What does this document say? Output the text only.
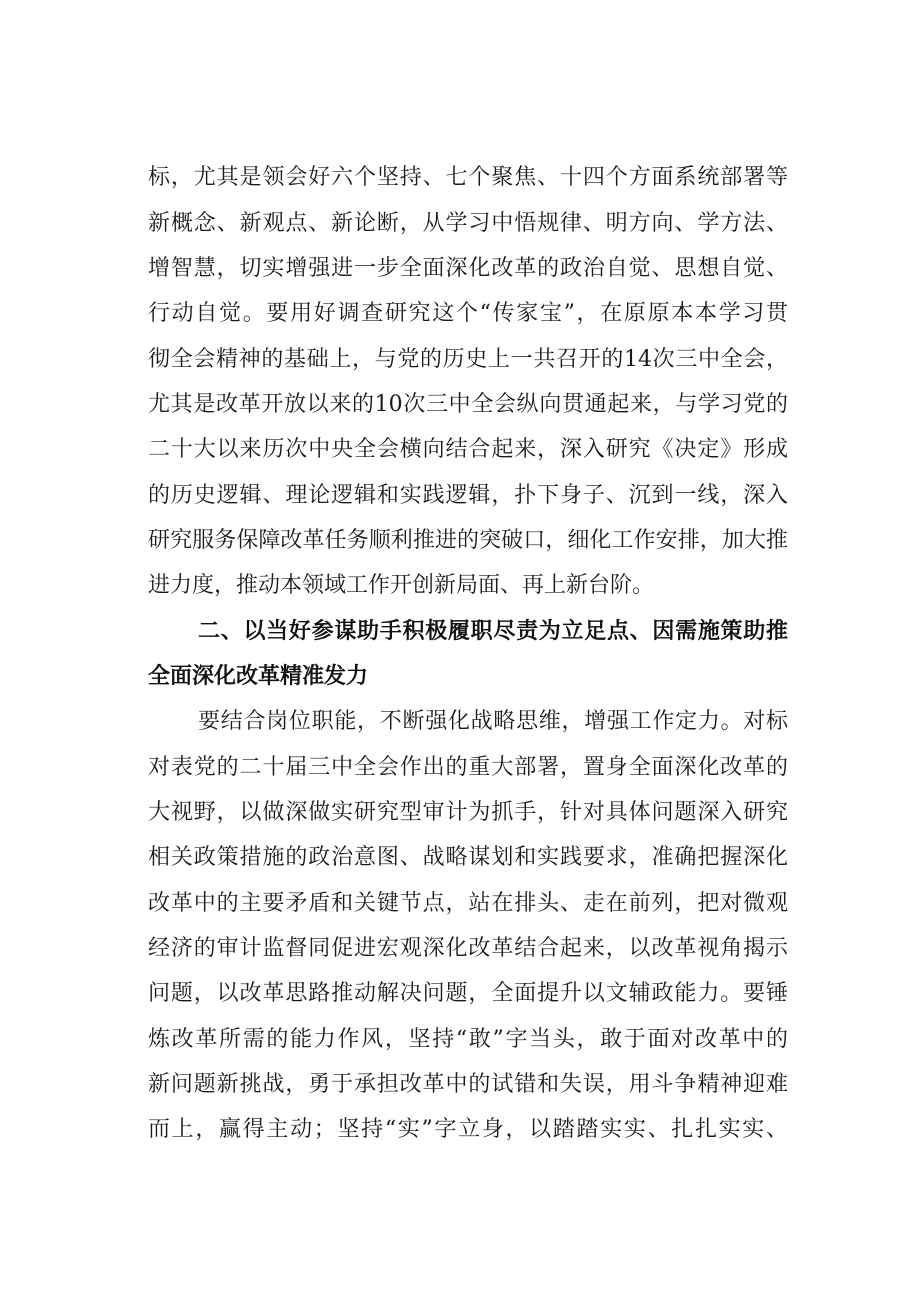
标，尤其是领会好六个坚持、七个聚焦、十四个方面系统部署等
新概念、新观点、新论断，从学习中悟规律、明方向、学方法、
增智慧，切实增强进一步全面深化改革的政治自觉、思想自觉、
行动自觉。要用好调查研究这个“传家宝”，在原原本本学习贯
彻全会精神的基础上，与党的历史上一共召开的14次三中全会，
尤其是改革开放以来的10次三中全会纵向贯通起来，与学习党的
二十大以来历次中央全会横向结合起来，深入研究《决定》形成
的历史逻辑、理论逻辑和实践逻辑，扑下身子、沉到一线，深入
研究服务保障改革任务顺利推进的突破口，细化工作安排，加大推
进力度，推动本领域工作开创新局面、再上新台阶。
二、以当好参谋助手积极履职尽责为立足点、因需施策助推
全面深化改革精准发力
要结合岗位职能，不断强化战略思维，增强工作定力。对标
对表党的二十届三中全会作出的重大部署，置身全面深化改革的
大视野，以做深做实研究型审计为抓手，针对具体问题深入研究
相关政策措施的政治意图、战略谋划和实践要求，准确把握深化
改革中的主要矛盾和关键节点，站在排头、走在前列，把对微观
经济的审计监督同促进宏观深化改革结合起来，以改革视角揭示
问题，以改革思路推动解决问题，全面提升以文辅政能力。要锤
炼改革所需的能力作风，坚持“敢”字当头，敢于面对改革中的
新问题新挑战，勇于承担改革中的试错和失误，用斗争精神迎难
而上，赢得主动；坚持“实”字立身，以踏踏实实、扎扎实实、
